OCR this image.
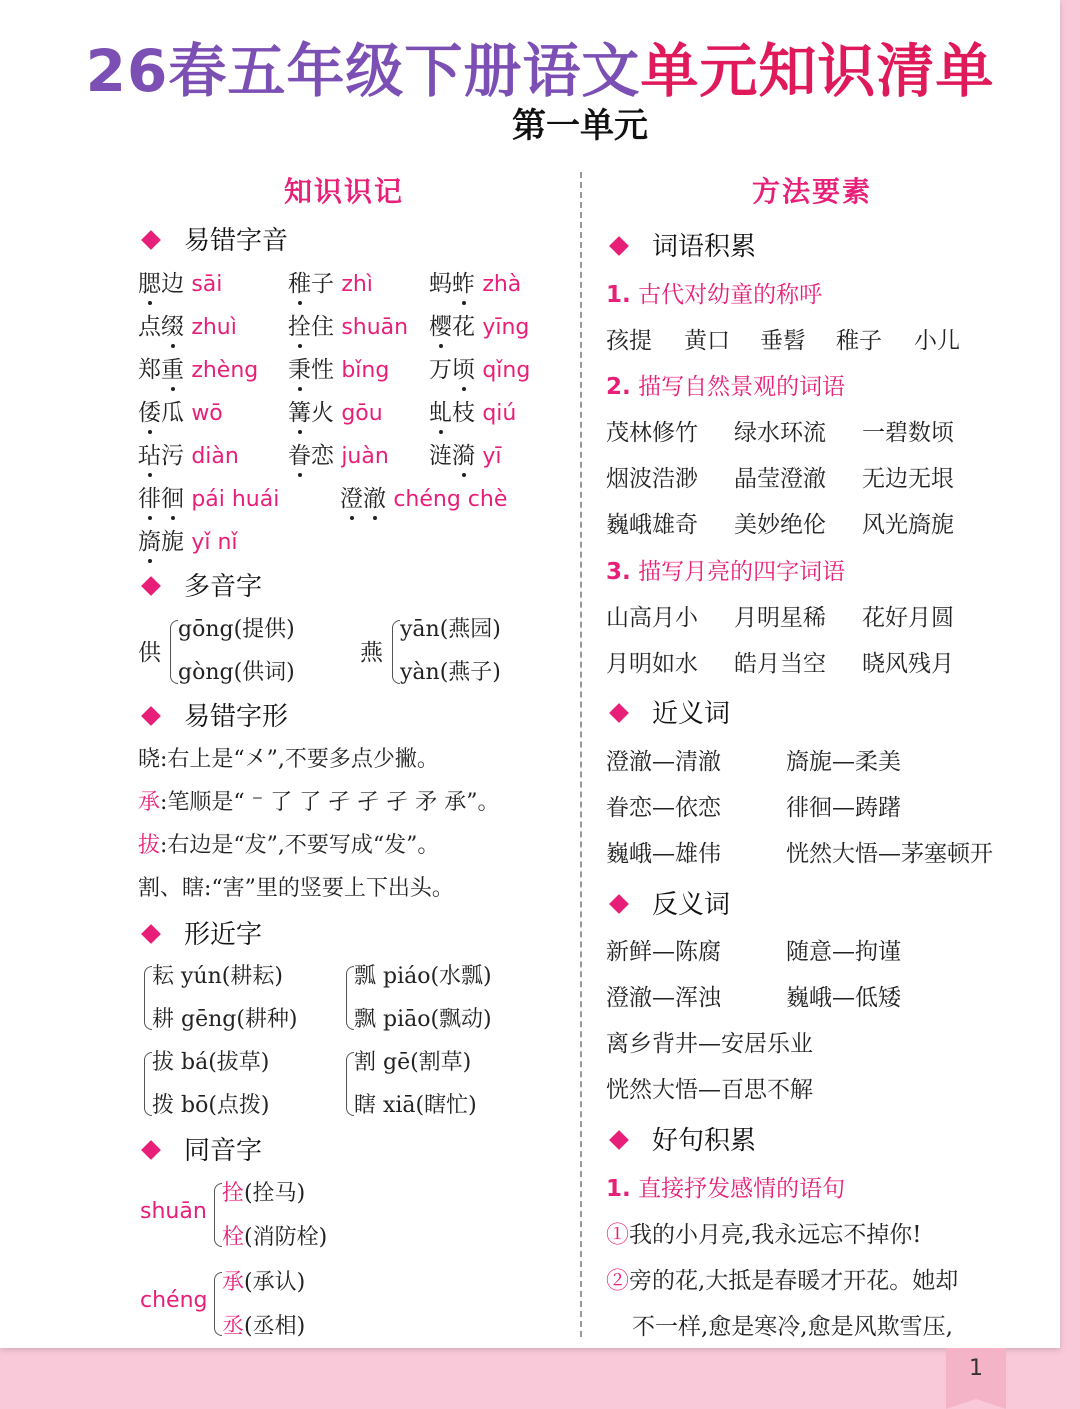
26春五年级下册语文单元知识清单
第一单元
知识识记
易错字音
腮边 sāi	稚子 zhì 蚂蚱 zhà
点缀 zhuì 拴住 shuān 樱花 yīng
郑重 zhèng 秉性 bǐng 万顷 qǐng
倭瓜 wō	篝火 gōu 虬枝 qiú
玷污 diàn 眷恋 juàn 涟漪 yī
徘徊 pái huái	澄澈 chéng chè
旖旎 yǐ nǐ
多音字
供
gōng(提供)
gòng(供词)
燕
yān(燕园)
yàn(燕子)
易错字形
晓:右上是“㐅”,不要多点少撇。
承:笔顺是“ ⁻ 了 了 孑 孑 孑 矛 承”。
拔:右边是“犮”,不要写成“发”。
割、瞎:“害”里的竖要上下出头。
形近字
耘 yún(耕耘)
耕 gēng(耕种)
瓢 piáo(水瓢)
飘 piāo(飘动)
拔 bá(拔草)
拨 bō(点拨)
割 gē(割草)
瞎 xiā(瞎忙)
同音字
shuān
拴(拴马)
栓(消防栓)
chéng
承(承认)
丞(丞相)
方法要素
词语积累
1. 古代对幼童的称呼
孩提 黄口 垂髫 稚子 小儿
2. 描写自然景观的词语
茂林修竹 绿水环流 一碧数顷
烟波浩渺 晶莹澄澈 无边无垠
巍峨雄奇 美妙绝伦 风光旖旎
3. 描写月亮的四字词语
山高月小 月明星稀 花好月圆
月明如水 皓月当空 晓风残月
近义词
澄澈—清澈	旖旎—柔美
眷恋—依恋	徘徊—踌躇
巍峨—雄伟	恍然大悟—茅塞顿开
反义词
新鲜—陈腐	随意—拘谨
澄澈—浑浊	巍峨—低矮
离乡背井—安居乐业
恍然大悟—百思不解
好句积累
1. 直接抒发感情的语句
①我的小月亮,我永远忘不掉你!
②旁的花,大抵是春暖才开花。她却
不一样,愈是寒冷,愈是风欺雪压,
1
